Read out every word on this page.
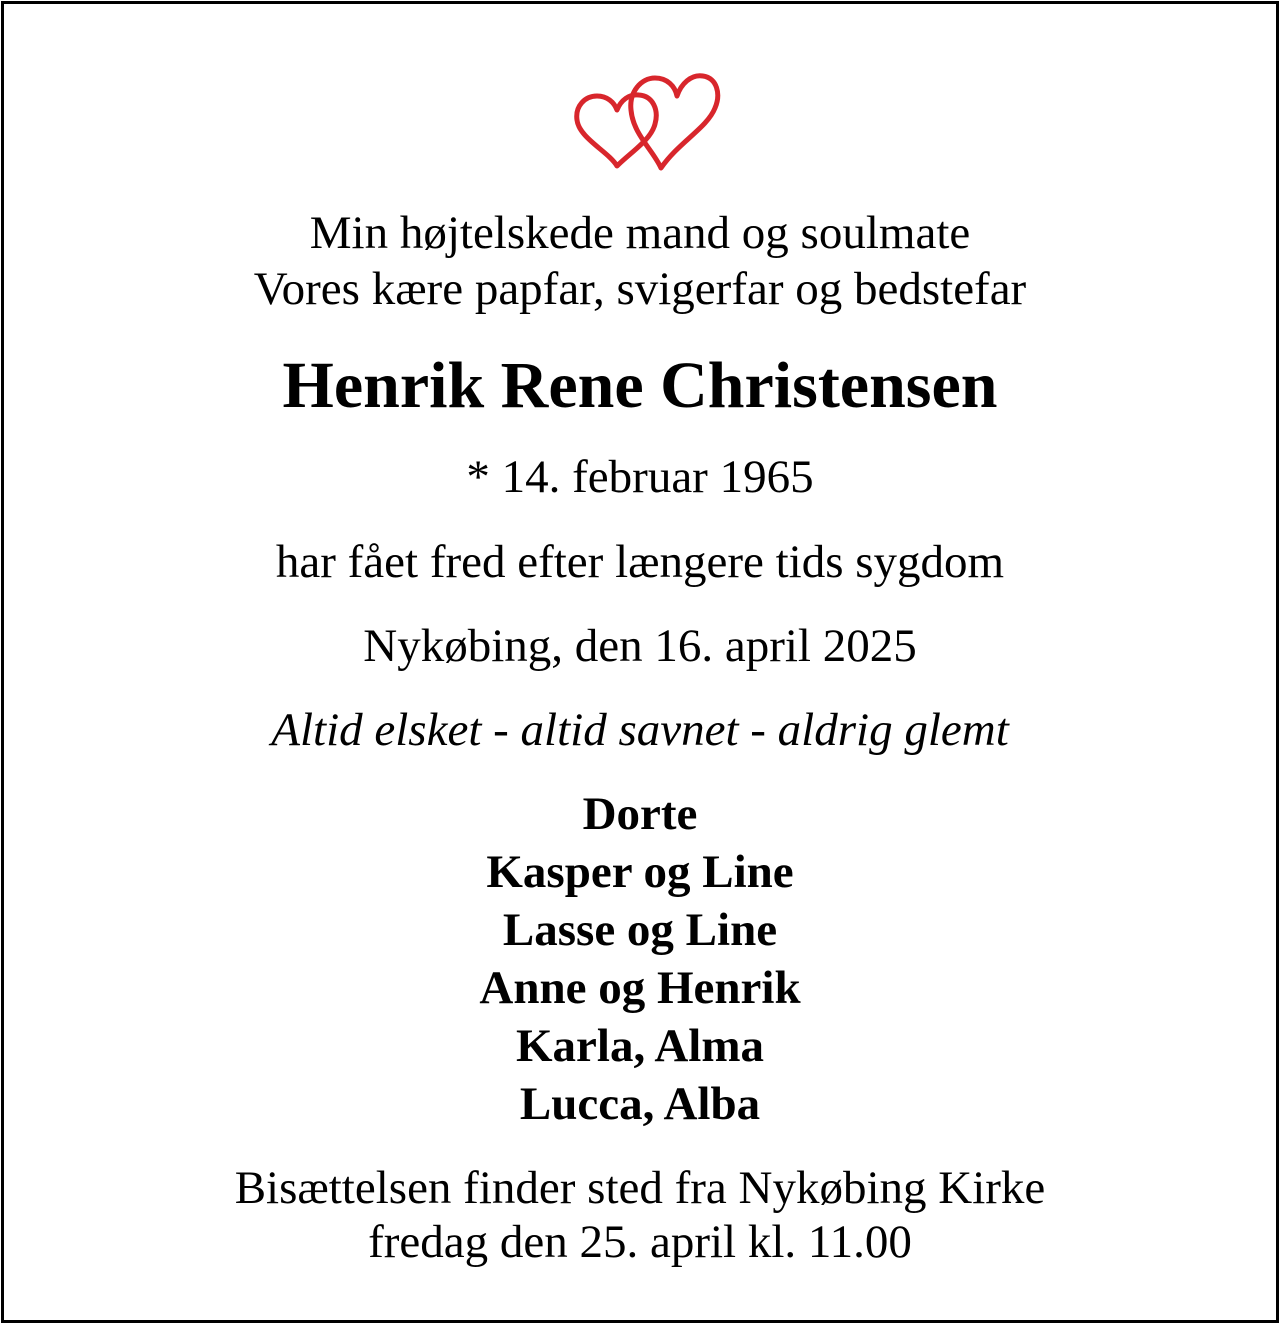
Min højtelskede mand og soulmate
Vores kære papfar, svigerfar og bedstefar
Henrik Rene Christensen
* 14. februar 1965
har fået fred efter længere tids sygdom
Nykøbing, den 16. april 2025
Altid elsket - altid savnet - aldrig glemt
Dorte
Kasper og Line
Lasse og Line
Anne og Henrik
Karla, Alma
Lucca, Alba
Bisættelsen finder sted fra Nykøbing Kirke
fredag den 25. april kl. 11.00
